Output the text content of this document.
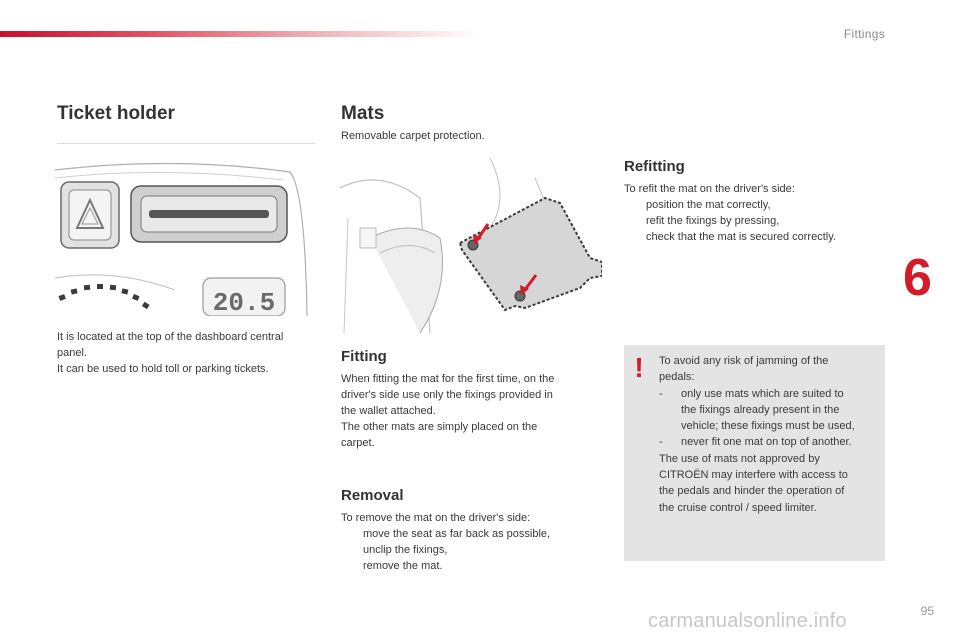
Fittings
6
95
carmanualsonline.info
Ticket holder
20.5
It is located at the top of the dashboard central
panel.
It can be used to hold toll or parking tickets.
Mats
Removable carpet protection.
Fitting
When fitting the mat for the first time, on the
driver's side use only the fixings provided in
the wallet attached.
The other mats are simply placed on the
carpet.
Removal
To remove the mat on the driver's side:
move the seat as far back as possible,
unclip the fixings,
remove the mat.
Refitting
To refit the mat on the driver's side:
position the mat correctly,
refit the fixings by pressing,
check that the mat is secured correctly.
! To avoid any risk of jamming of the
pedals:
- only use mats which are suited to
the fixings already present in the
vehicle; these fixings must be used,
- never fit one mat on top of another.
The use of mats not approved by
CITROËN may interfere with access to
the pedals and hinder the operation of
the cruise control / speed limiter.
